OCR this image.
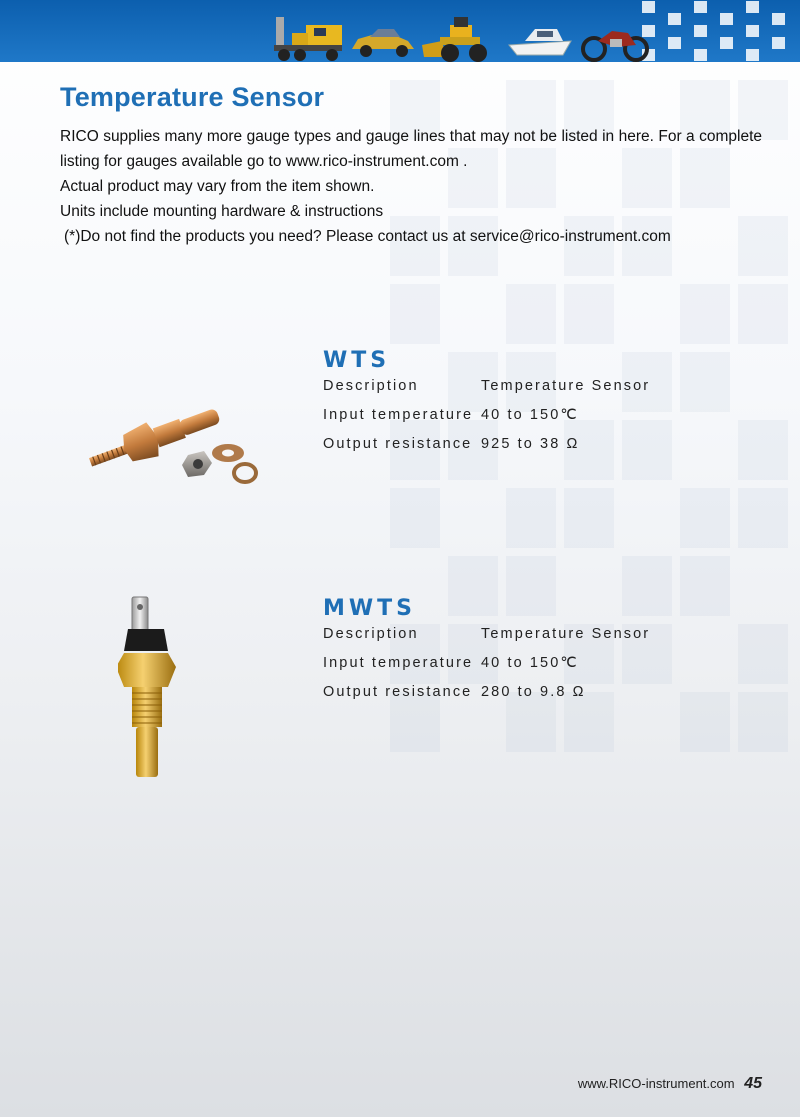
Temperature Sensor

RICO supplies many more gauge types and gauge lines that may not be listed in here. For a complete listing for gauges available go to www.rico-instrument.com .

Actual product may vary from the item shown.

Units include mounting hardware & instructions

(*)Do not find the products you need? Please contact us at service@rico-instrument.com

WTS
Description	Temperature Sensor
Input temperature 40 to 150℃
Output resistance 925 to 38 Ω
MWTS
Description	Temperature Sensor
Input temperature 40 to 150℃
Output resistance 280 to 9.8 Ω
www.RICO-instrument.com 45
